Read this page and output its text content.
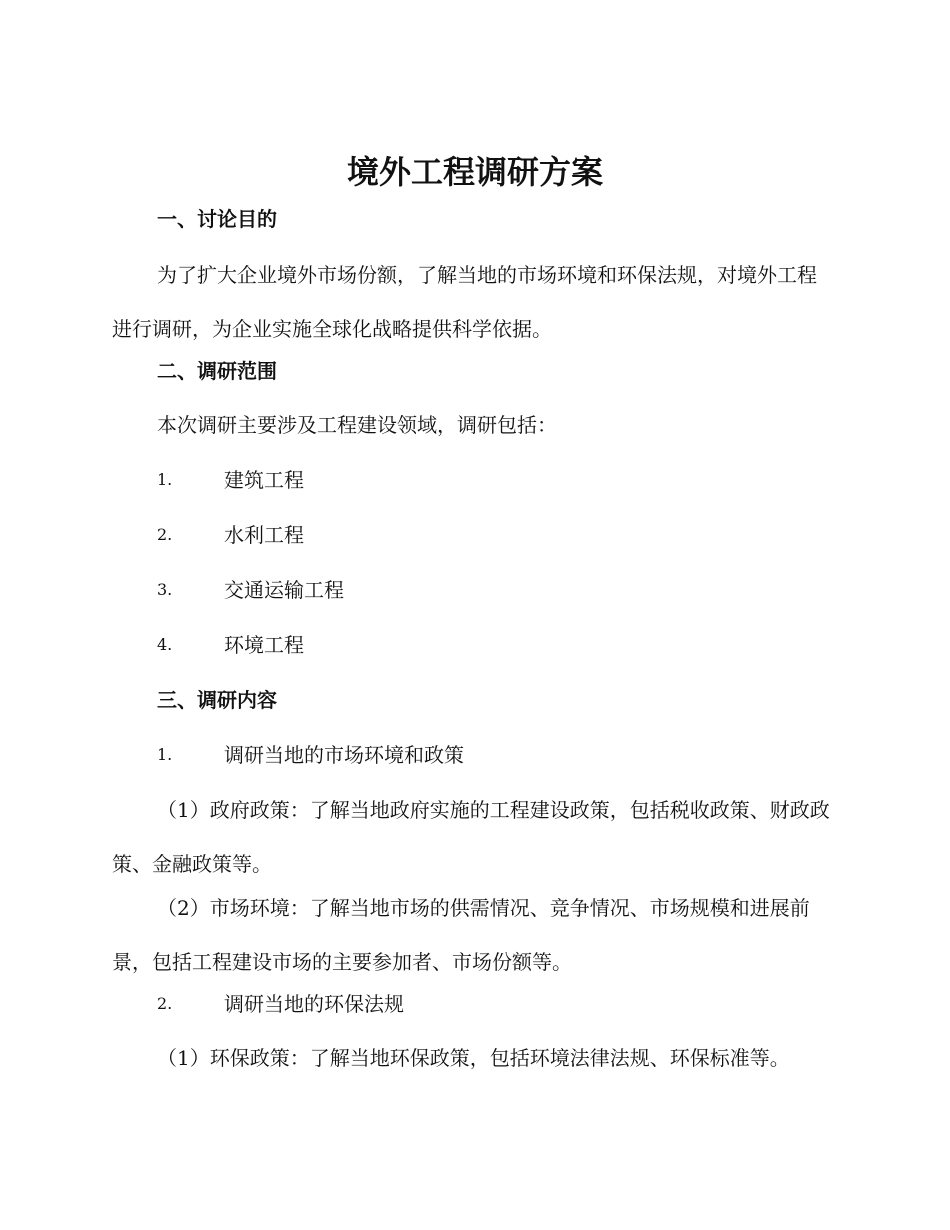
境外工程调研方案
一、讨论目的

为了扩大企业境外市场份额，了解当地的市场环境和环保法规，对境外工程进行调研，为企业实施全球化战略提供科学依据。

二、调研范围

本次调研主要涉及工程建设领域，调研包括：

1.	建筑工程
2.	水利工程
3.	交通运输工程
4.	环境工程
三、调研内容
1.	调研当地的市场环境和政策

（1）政府政策：了解当地政府实施的工程建设政策，包括税收政策、财政政策、金融政策等。

（2）市场环境：了解当地市场的供需情况、竞争情况、市场规模和进展前景，包括工程建设市场的主要参加者、市场份额等。

2.	调研当地的环保法规

（1）环保政策：了解当地环保政策，包括环境法律法规、环保标准等。
